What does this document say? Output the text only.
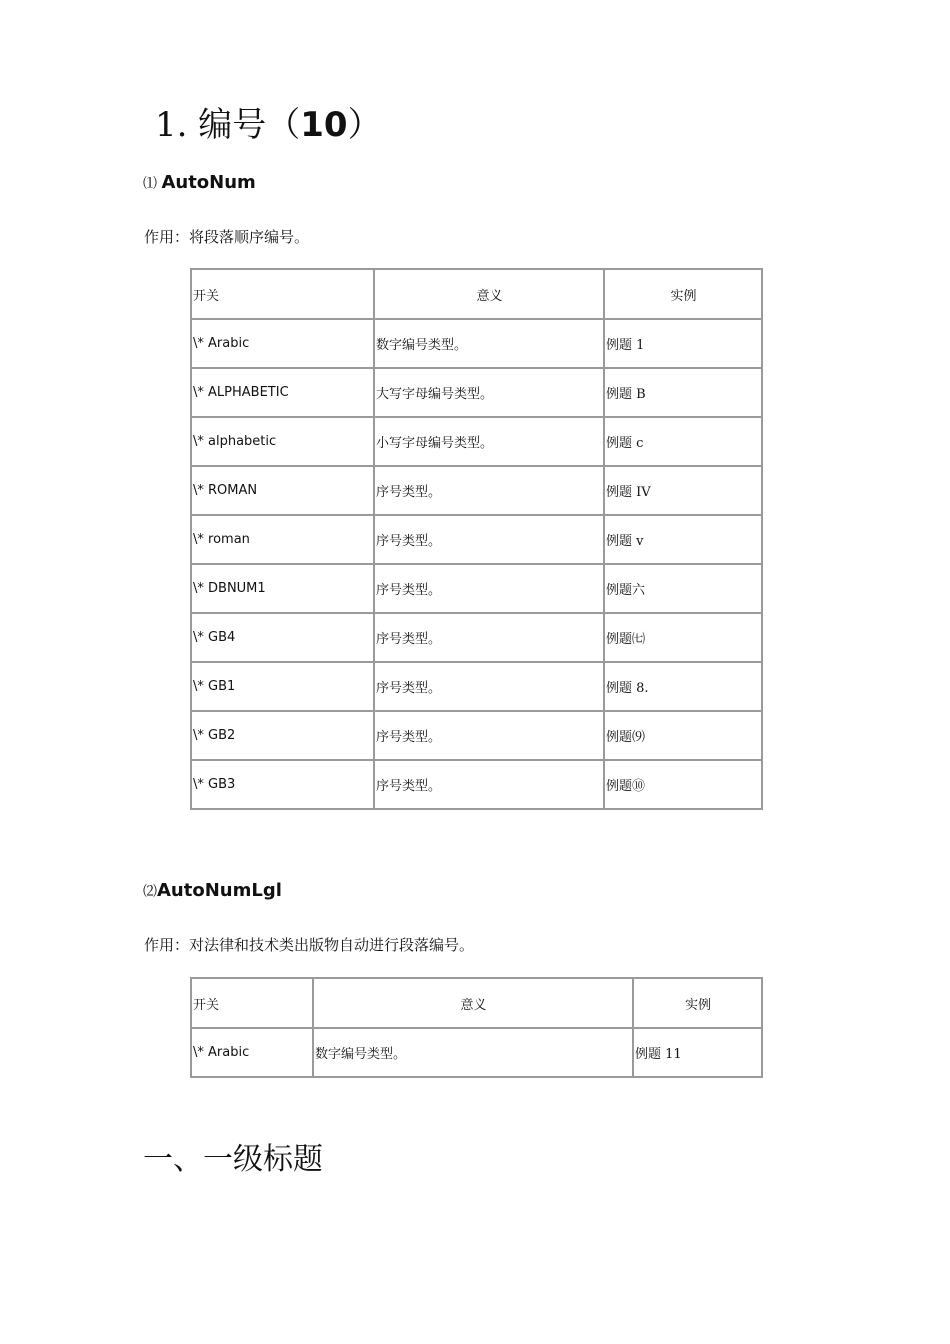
1. 编号（10）
⑴ AutoNum
作用：将段落顺序编号。
开关	意义	实例
\* Arabic	数字编号类型。	例题 1
\* ALPHABETIC	大写字母编号类型。	例题 B
\* alphabetic	小写字母编号类型。	例题 c
\* ROMAN	序号类型。	例题 IV
\* roman	序号类型。	例题 v
\* DBNUM1	序号类型。	例题六
\* GB4	序号类型。	例题㈦
\* GB1	序号类型。	例题 8.
\* GB2	序号类型。	例题⑼
\* GB3	序号类型。	例题⑩
⑵AutoNumLgl
作用：对法律和技术类出版物自动进行段落编号。
开关	意义	实例
\* Arabic	数字编号类型。	例题 11
一、一级标题
